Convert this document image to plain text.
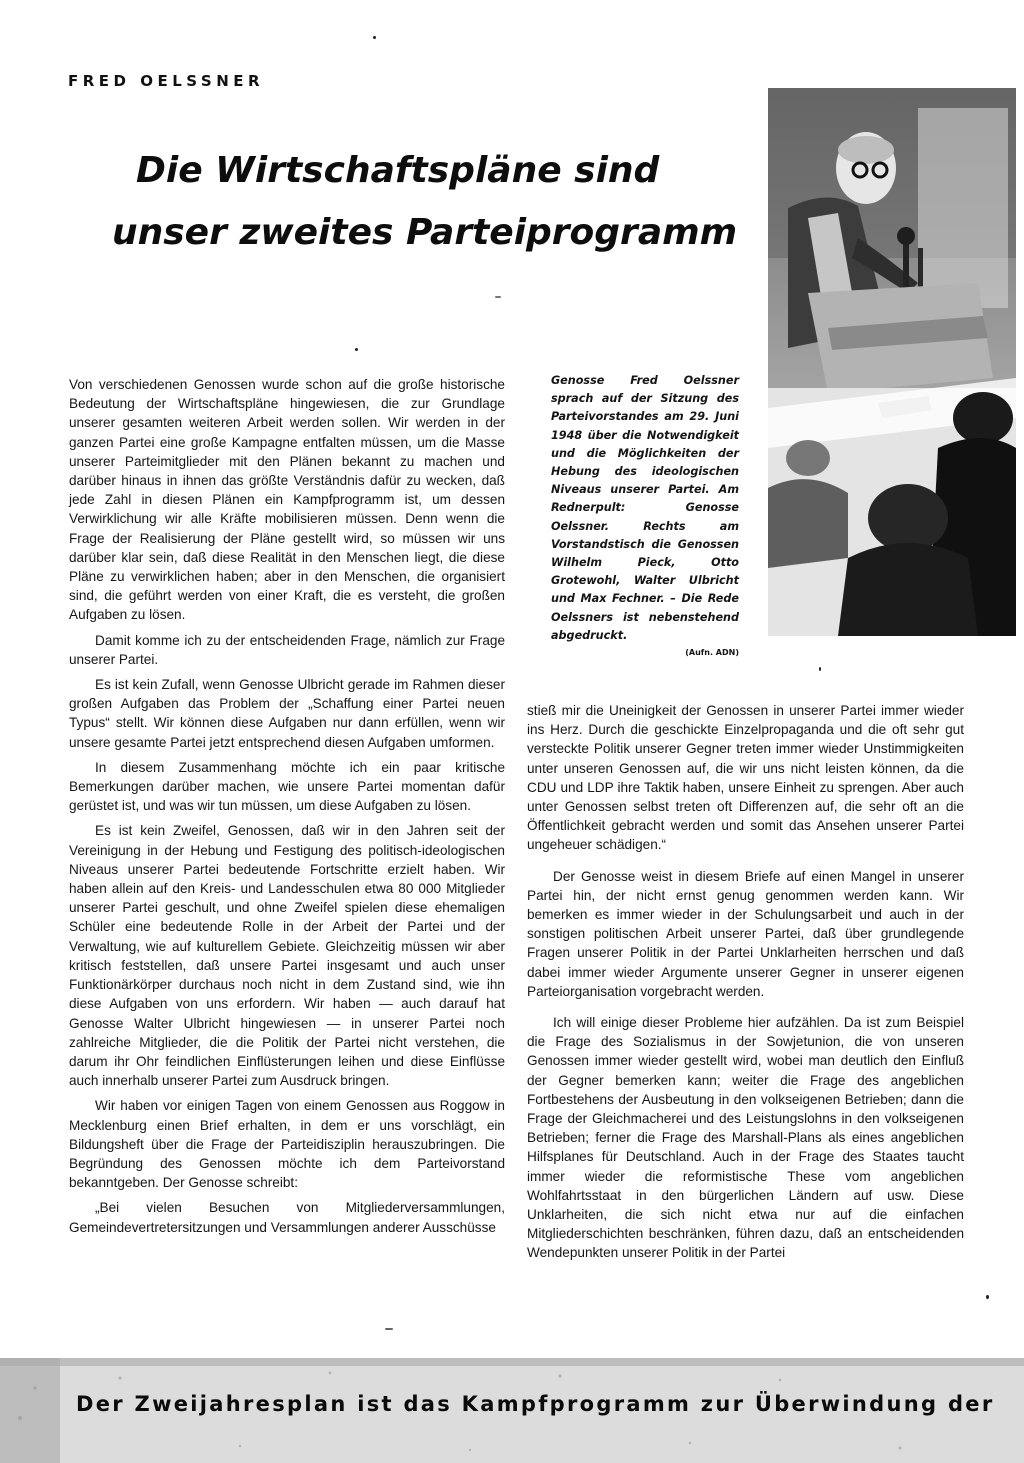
FRED OELSSNER
Die Wirtschaftspläne sind
unser zweites Parteiprogramm
Genosse Fred Oelssner sprach auf der Sitzung des Parteivorstandes am 29. Juni 1948 über die Notwendigkeit und die Möglichkeiten der Hebung des ideologischen Niveaus unserer Partei. Am Rednerpult: Genosse Oelssner. Rechts am Vorstandstisch die Genossen Wilhelm Pieck, Otto Grotewohl, Walter Ulbricht und Max Fechner. – Die Rede Oelssners ist nebenstehend abgedruckt.
(Aufn. ADN)

Von verschiedenen Genossen wurde schon auf die große historische Bedeutung der Wirtschaftspläne hingewiesen, die zur Grundlage unserer gesamten weiteren Arbeit werden sollen. Wir werden in der ganzen Partei eine große Kampagne entfalten müssen, um die Masse unserer Parteimitglieder mit den Plänen bekannt zu machen und darüber hinaus in ihnen das größte Verständnis dafür zu wecken, daß jede Zahl in diesen Plänen ein Kampfprogramm ist, um dessen Verwirklichung wir alle Kräfte mobilisieren müssen. Denn wenn die Frage der Realisierung der Pläne gestellt wird, so müssen wir uns darüber klar sein, daß diese Realität in den Menschen liegt, die diese Pläne zu verwirklichen haben; aber in den Menschen, die organisiert sind, die geführt werden von einer Kraft, die es versteht, die großen Aufgaben zu lösen.

Damit komme ich zu der entscheidenden Frage, nämlich zur Frage unserer Partei.

Es ist kein Zufall, wenn Genosse Ulbricht gerade im Rahmen dieser großen Aufgaben das Problem der „Schaffung einer Partei neuen Typus“ stellt. Wir können diese Aufgaben nur dann erfüllen, wenn wir unsere gesamte Partei jetzt entsprechend diesen Aufgaben umformen.

In diesem Zusammenhang möchte ich ein paar kritische Bemerkungen darüber machen, wie unsere Partei momentan dafür gerüstet ist, und was wir tun müssen, um diese Aufgaben zu lösen.

Es ist kein Zweifel, Genossen, daß wir in den Jahren seit der Vereinigung in der Hebung und Festigung des politisch-ideologischen Niveaus unserer Partei bedeutende Fortschritte erzielt haben. Wir haben allein auf den Kreis- und Landesschulen etwa 80 000 Mitglieder unserer Partei geschult, und ohne Zweifel spielen diese ehemaligen Schüler eine bedeutende Rolle in der Arbeit der Partei und der Verwaltung, wie auf kulturellem Gebiete. Gleichzeitig müssen wir aber kritisch feststellen, daß unsere Partei insgesamt und auch unser Funktionärkörper durchaus noch nicht in dem Zustand sind, wie ihn diese Aufgaben von uns erfordern. Wir haben — auch darauf hat Genosse Walter Ulbricht hingewiesen — in unserer Partei noch zahlreiche Mitglieder, die die Politik der Partei nicht verstehen, die darum ihr Ohr feindlichen Einflüsterungen leihen und diese Einflüsse auch innerhalb unserer Partei zum Ausdruck bringen.

Wir haben vor einigen Tagen von einem Genossen aus Roggow in Mecklenburg einen Brief erhalten, in dem er uns vorschlägt, ein Bildungsheft über die Frage der Parteidisziplin herauszubringen. Die Begründung des Genossen möchte ich dem Parteivorstand bekanntgeben. Der Genosse schreibt:

„Bei vielen Besuchen von Mitgliederversammlungen, Gemeindevertretersitzungen und Versammlungen anderer Ausschüsse

stieß mir die Uneinigkeit der Genossen in unserer Partei immer wieder ins Herz. Durch die geschickte Einzelpropaganda und die oft sehr gut versteckte Politik unserer Gegner treten immer wieder Unstimmigkeiten unter unseren Genossen auf, die wir uns nicht leisten können, da die CDU und LDP ihre Taktik haben, unsere Einheit zu sprengen. Aber auch unter Genossen selbst treten oft Differenzen auf, die sehr oft an die Öffentlichkeit gebracht werden und somit das Ansehen unserer Partei ungeheuer schädigen.“

Der Genosse weist in diesem Briefe auf einen Mangel in unserer Partei hin, der nicht ernst genug genommen werden kann. Wir bemerken es immer wieder in der Schulungsarbeit und auch in der sonstigen politischen Arbeit unserer Partei, daß über grundlegende Fragen unserer Politik in der Partei Unklarheiten herrschen und daß dabei immer wieder Argumente unserer Gegner in unserer eigenen Parteiorganisation vorgebracht werden.

Ich will einige dieser Probleme hier aufzählen. Da ist zum Beispiel die Frage des Sozialismus in der Sowjetunion, die von unseren Genossen immer wieder gestellt wird, wobei man deutlich den Einfluß der Gegner bemerken kann; weiter die Frage des angeblichen Fortbestehens der Ausbeutung in den volkseigenen Betrieben; dann die Frage der Gleichmacherei und des Leistungslohns in den volkseigenen Betrieben; ferner die Frage des Marshall-Plans als eines angeblichen Hilfsplanes für Deutschland. Auch in der Frage des Staates taucht immer wieder die reformistische These vom angeblichen Wohlfahrtsstaat in den bürgerlichen Ländern auf usw. Diese Unklarheiten, die sich nicht etwa nur auf die einfachen Mitgliederschichten beschränken, führen dazu, daß an entscheidenden Wendepunkten unserer Politik in der Partei

Der Zweijahresplan ist das Kampfprogramm zur Überwindung der
